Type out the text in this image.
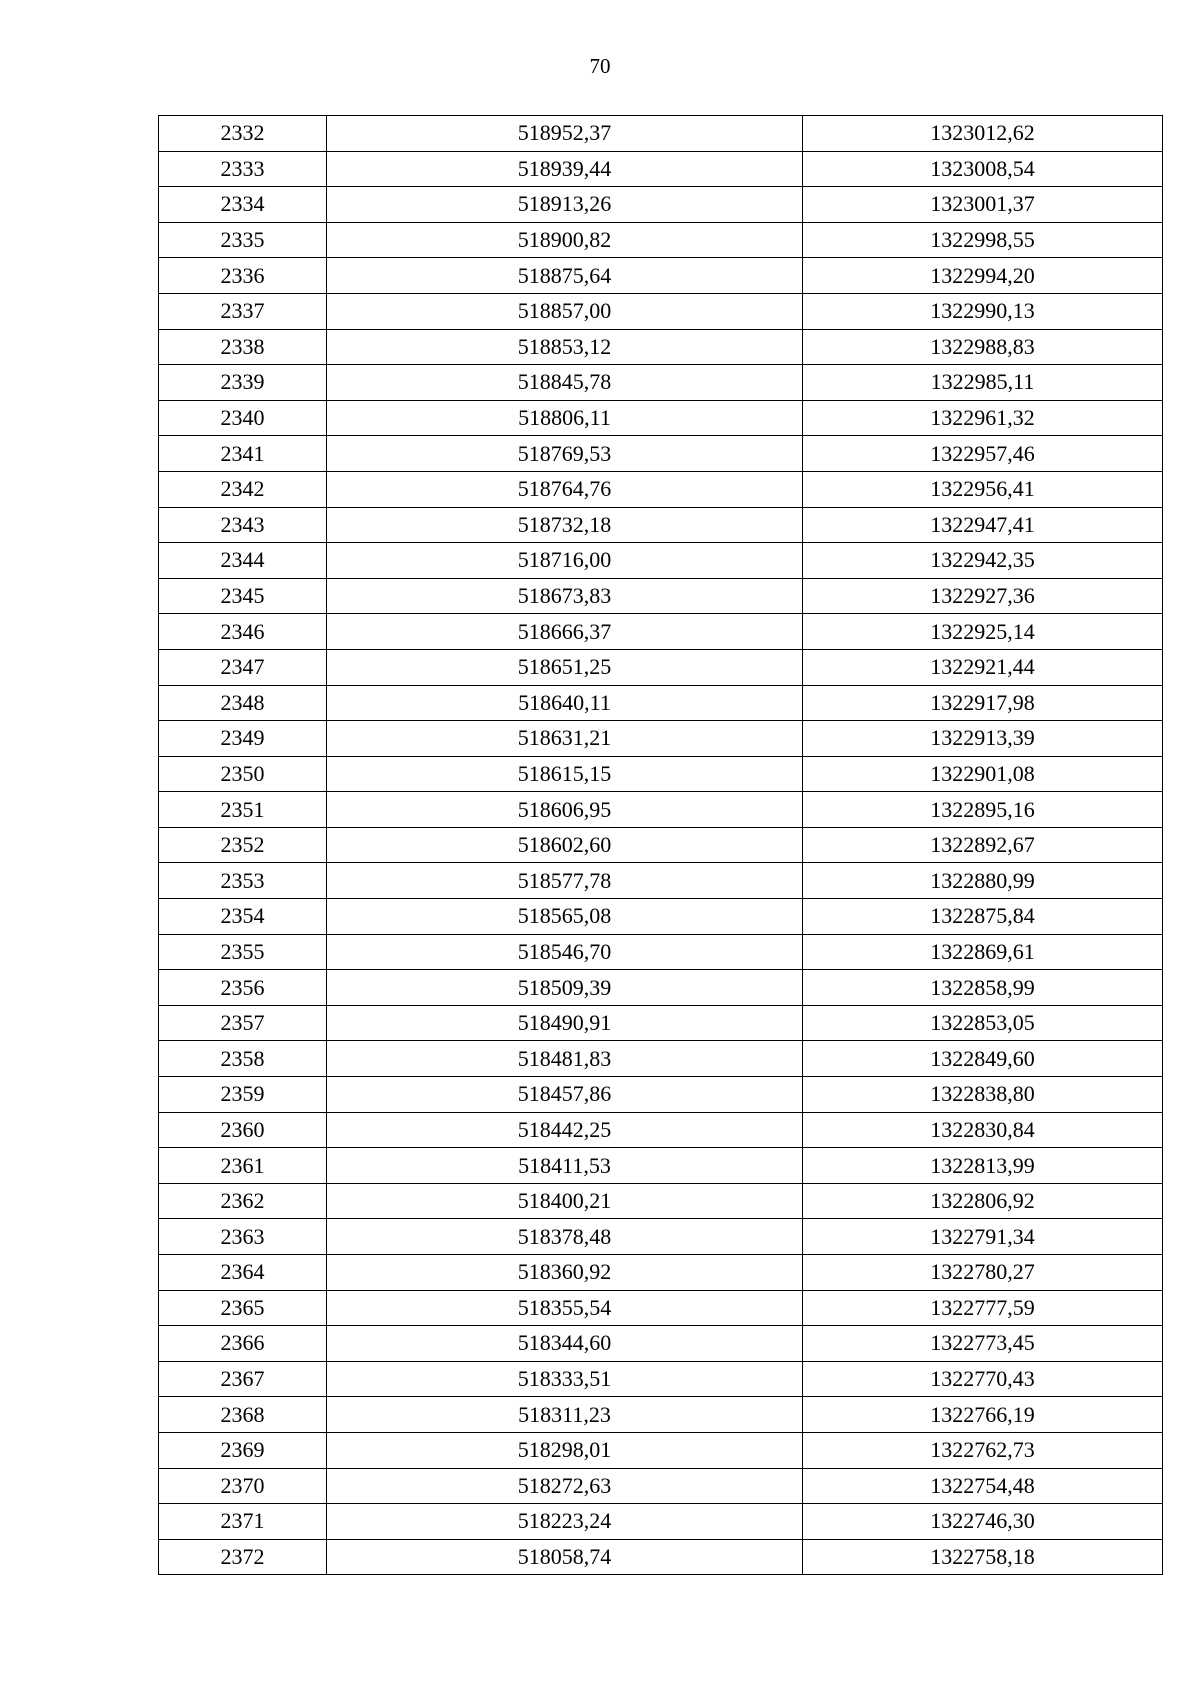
70
2332	518952,37	1323012,62
2333	518939,44	1323008,54
2334	518913,26	1323001,37
2335	518900,82	1322998,55
2336	518875,64	1322994,20
2337	518857,00	1322990,13
2338	518853,12	1322988,83
2339	518845,78	1322985,11
2340	518806,11	1322961,32
2341	518769,53	1322957,46
2342	518764,76	1322956,41
2343	518732,18	1322947,41
2344	518716,00	1322942,35
2345	518673,83	1322927,36
2346	518666,37	1322925,14
2347	518651,25	1322921,44
2348	518640,11	1322917,98
2349	518631,21	1322913,39
2350	518615,15	1322901,08
2351	518606,95	1322895,16
2352	518602,60	1322892,67
2353	518577,78	1322880,99
2354	518565,08	1322875,84
2355	518546,70	1322869,61
2356	518509,39	1322858,99
2357	518490,91	1322853,05
2358	518481,83	1322849,60
2359	518457,86	1322838,80
2360	518442,25	1322830,84
2361	518411,53	1322813,99
2362	518400,21	1322806,92
2363	518378,48	1322791,34
2364	518360,92	1322780,27
2365	518355,54	1322777,59
2366	518344,60	1322773,45
2367	518333,51	1322770,43
2368	518311,23	1322766,19
2369	518298,01	1322762,73
2370	518272,63	1322754,48
2371	518223,24	1322746,30
2372	518058,74	1322758,18
